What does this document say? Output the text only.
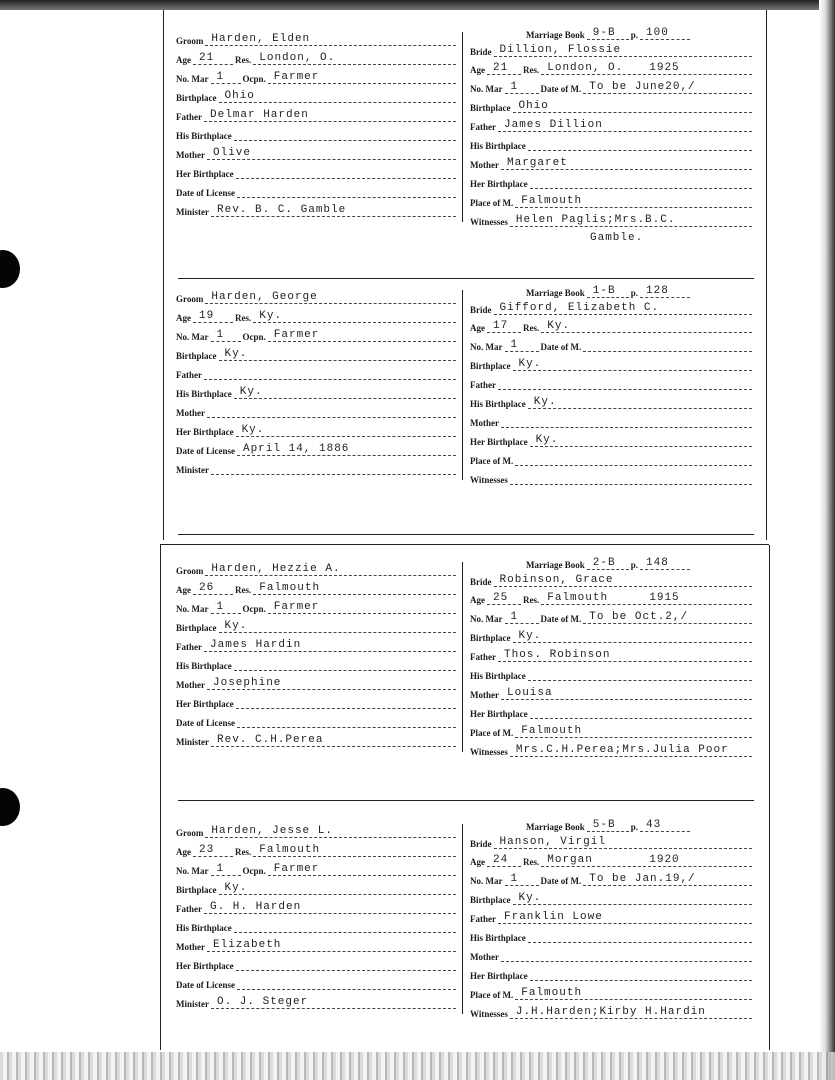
Groom Harden, Elden
Age 21 Res. London, O.
No. Mar 1 Ocpn. Farmer
Birthplace Ohio
Father Delmar Harden
His Birthplace
Mother Olive
Her Birthplace
Date of License
Minister Rev. B. C. Gamble
Marriage Book 9-B p. 100
Bride Dillion, Flossie
Age 21 Res. London, O. 1925
No. Mar 1 Date of M. To be June20,/
Birthplace Ohio
Father James Dillion
His Birthplace
Mother Margaret
Her Birthplace
Place of M. Falmouth
Witnesses Helen Paglis;Mrs.B.C.
Gamble.
Groom Harden, George
Age 19 Res. Ky.
No. Mar 1 Ocpn. Farmer
Birthplace Ky.
Father
His Birthplace Ky.
Mother
Her Birthplace Ky.
Date of License April 14, 1886
Minister
Marriage Book 1-B p. 128
Bride Gifford, Elizabeth C.
Age 17 Res. Ky.
No. Mar 1 Date of M.
Birthplace Ky.
Father
His Birthplace Ky.
Mother
Her Birthplace Ky.
Place of M.
Witnesses
Groom Harden, Hezzie A.
Age 26 Res. Falmouth
No. Mar 1 Ocpn. Farmer
Birthplace Ky.
Father James Hardin
His Birthplace
Mother Josephine
Her Birthplace
Date of License
Minister Rev. C.H.Perea
Marriage Book 2-B p. 148
Bride Robinson, Grace
Age 25 Res. Falmouth	1915
No. Mar 1 Date of M. To be Oct.2,/
Birthplace Ky.
Father Thos. Robinson
His Birthplace
Mother Louisa
Her Birthplace
Place of M. Falmouth
Witnesses Mrs.C.H.Perea;Mrs.Julia Poor
Groom Harden, Jesse L.
Age 23 Res. Falmouth
No. Mar 1 Ocpn. Farmer
Birthplace Ky.
Father G. H. Harden
His Birthplace
Mother Elizabeth
Her Birthplace
Date of License
Minister O. J. Steger
Marriage Book 5-B p. 43
Bride Hanson, Virgil
Age 24 Res. Morgan	1920
No. Mar 1 Date of M. To be Jan.19,/
Birthplace Ky.
Father Franklin Lowe
His Birthplace
Mother
Her Birthplace
Place of M. Falmouth
Witnesses J.H.Harden;Kirby H.Hardin
